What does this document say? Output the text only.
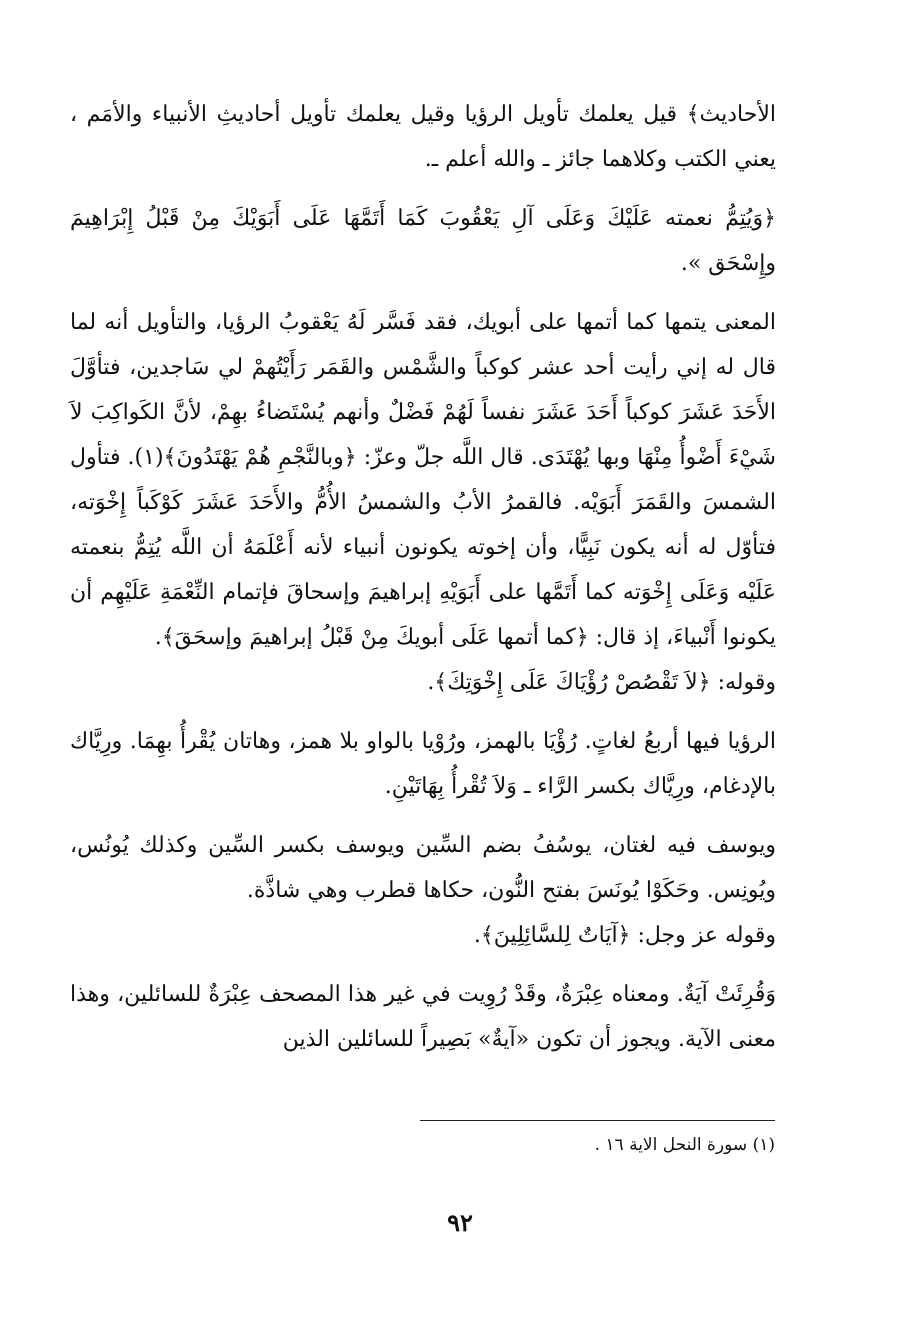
الأحاديث﴾ قيل يعلمك تأويل الرؤيا وقيل يعلمك تأويل أحاديثِ الأنبياء والأمَم ، يعني الكتب وكلاهما جائز ـ والله أعلم ـ.

﴿وَيُتِمُّ نعمته عَلَيْكَ وَعَلَى آلِ يَعْقُوبَ كَمَا أَتَمَّهَا عَلَى أَبَوَيْكَ مِنْ قَبْلُ إِبْرَاهِيمَ وإِسْحَق ».

المعنى يتمها كما أتمها على أبويك، فقد فَسَّر لَهُ يَعْقوبُ الرؤيا، والتأويل أنه لما قال له إني رأيت أحد عشر كوكباً والشَّمْس والقَمَر رَأَيْتُهمْ لي سَاجدين، فتأوَّلَ الأَحَدَ عَشَرَ كوكباً أَحَدَ عَشَرَ نفساً لَهُمْ فَضْلٌ وأنهم يُسْتَضاءُ بهِمْ، لأنَّ الكَواكِبَ لاَ شَيْءَ أَضْوأُ مِنْهَا وبها يُهْتَدَى. قال اللَّه جلّ وعزّ: ﴿وبالنَّجْمِ هُمْ يَهْتَدُونَ﴾(١). فتأول الشمسَ والقَمَرَ أَبَوَيْه. فالقمرُ الأبُ والشمسُ الأُمُّ والأَحَدَ عَشَرَ كَوْكَباً إِخْوَته، فتأوّل له أنه يكون نَبِيًّا، وأن إخوته يكونون أنبياء لأنه أَعْلَمَهُ أن اللَّه يُتِمُّ بنعمته عَلَيْه وَعَلَى إِخْوَته كما أَتَمَّها على أَبَوَيْهِ إبراهيمَ وإسحاقَ فإتمام النِّعْمَةِ عَلَيْهِم أن يكونوا أَنْبياءَ، إذ قال: ﴿كما أتمها عَلَى أبويكَ مِنْ قَبْلُ إبراهيمَ وإسحَقَ﴾.

وقوله: ﴿لاَ تَقْصُصْ رُؤْيَاكَ عَلَى إِخْوَتِكَ﴾.

الرؤيا فيها أربعُ لغاتٍ. رُؤْيَا بالهمز، ورُوْيا بالواو بلا همز، وهاتان يُقْرأُ بهِمَا. ورِيَّاك بالإدغام، ورِيَّاك بكسر الرَّاء ـ وَلاَ تُقْرأُ بِهَاتَيْنِ.

ويوسف فيه لغتان، يوسُفُ بضم السِّين ويوسف بكسر السِّين وكذلك يُونُس، ويُونِس. وحَكَوْا يُونَسَ بفتح النُّون، حكاها قطرب وهي شاذَّة.

وقوله عز وجل: ﴿آيَاتٌ لِلسَّائِلِينَ﴾.

وَقُرِئَتْ آيَةٌ. ومعناه عِبْرَةٌ، وقَدْ رُوِيت في غير هذا المصحف عِبْرَةٌ للسائلين، وهذا معنى الآية. ويجوز أن تكون «آيةٌ» بَصِيراً للسائلين الذين

(١) سورة النحل الاية ١٦ .
٩٢
